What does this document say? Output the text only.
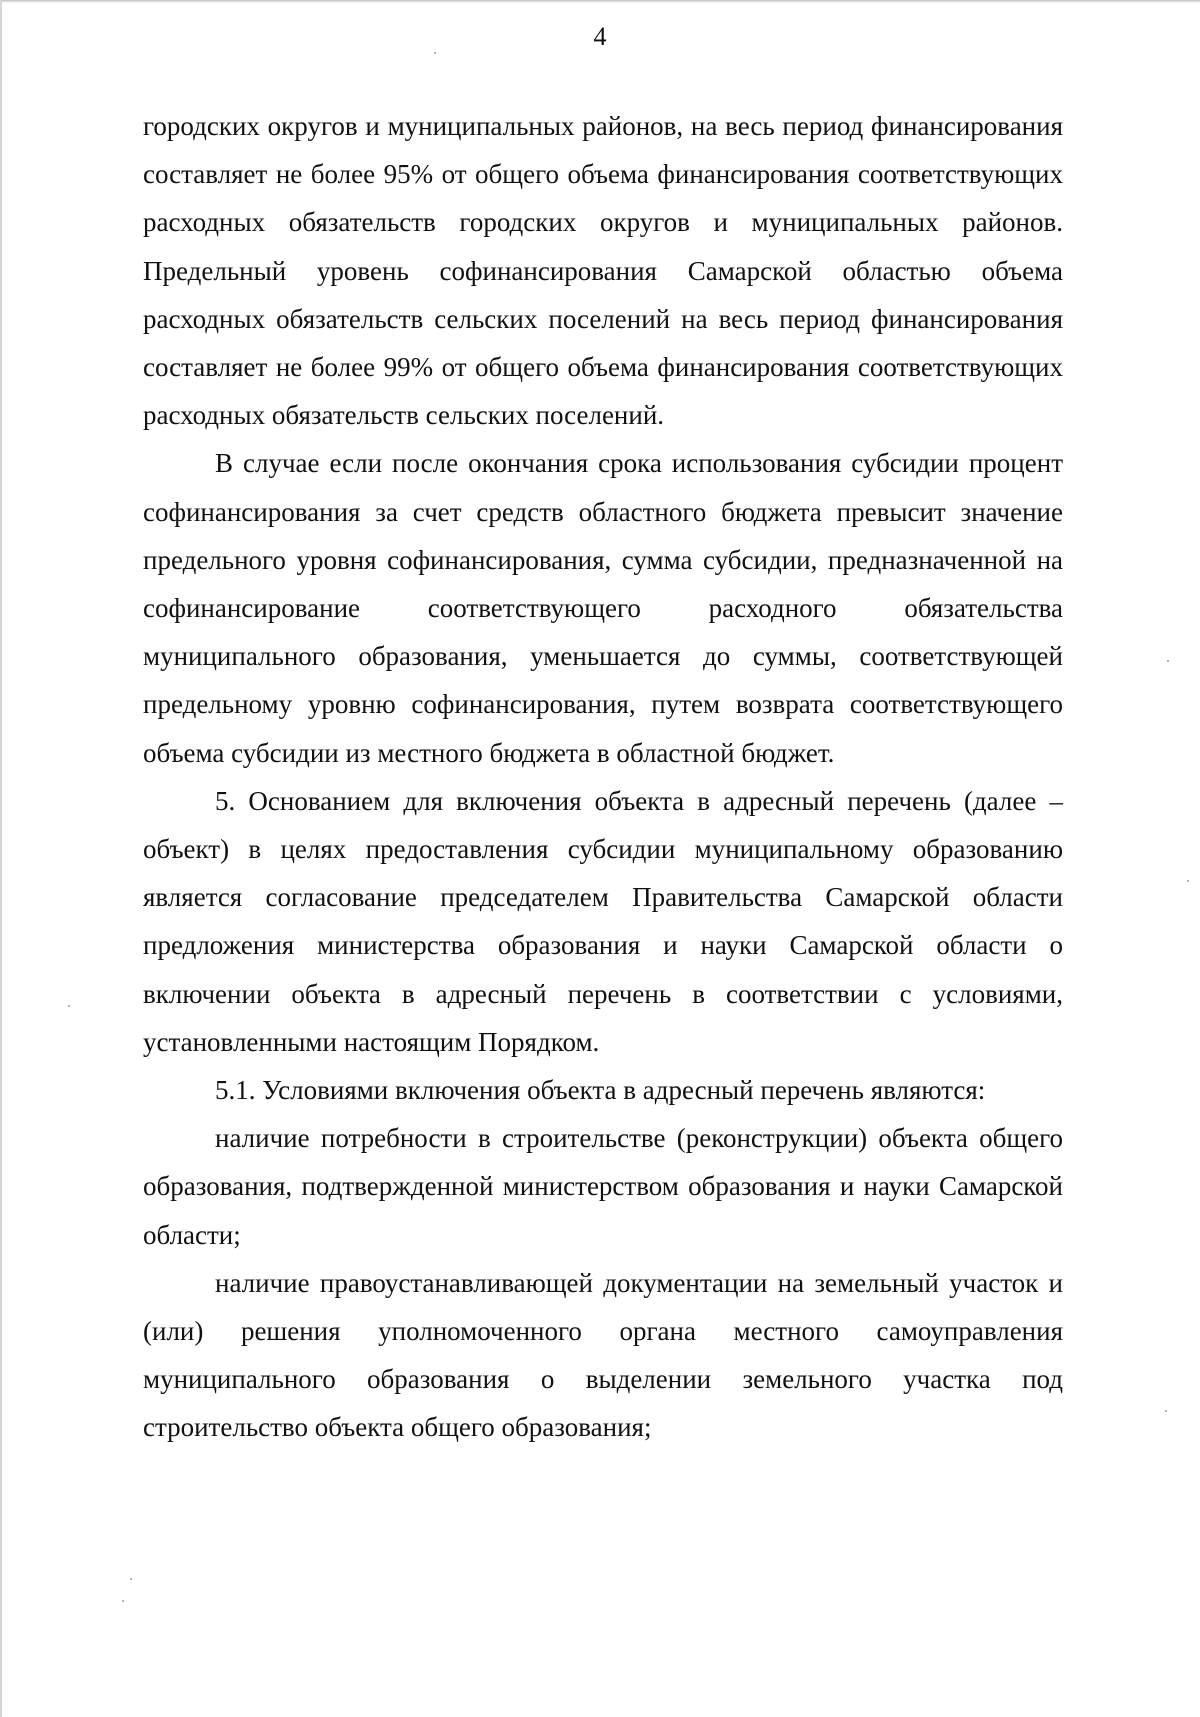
4

городских округов и муниципальных районов, на весь период финансирования составляет не более 95% от общего объема финансирования соответствующих расходных обязательств городских округов и муниципальных районов. Предельный уровень софинансирования Самарской областью объема расходных обязательств сельских поселений на весь период финансирования составляет не более 99% от общего объема финансирования соответствующих расходных обязательств сельских поселений.

В случае если после окончания срока использования субсидии процент софинансирования за счет средств областного бюджета превысит значение предельного уровня софинансирования, сумма субсидии, предназначенной на софинансирование соответствующего расходного обязательства муниципального образования, уменьшается до суммы, соответствующей предельному уровню софинансирования, путем возврата соответствующего объема субсидии из местного бюджета в областной бюджет.

5. Основанием для включения объекта в адресный перечень (далее – объект) в целях предоставления субсидии муниципальному образованию является согласование председателем Правительства Самарской области предложения министерства образования и науки Самарской области о включении объекта в адресный перечень в соответствии с условиями, установленными настоящим Порядком.

5.1. Условиями включения объекта в адресный перечень являются:

наличие потребности в строительстве (реконструкции) объекта общего образования, подтвержденной министерством образования и науки Самарской области;

наличие правоустанавливающей документации на земельный участок и (или) решения уполномоченного органа местного самоуправления муниципального образования о выделении земельного участка под строительство объекта общего образования;
